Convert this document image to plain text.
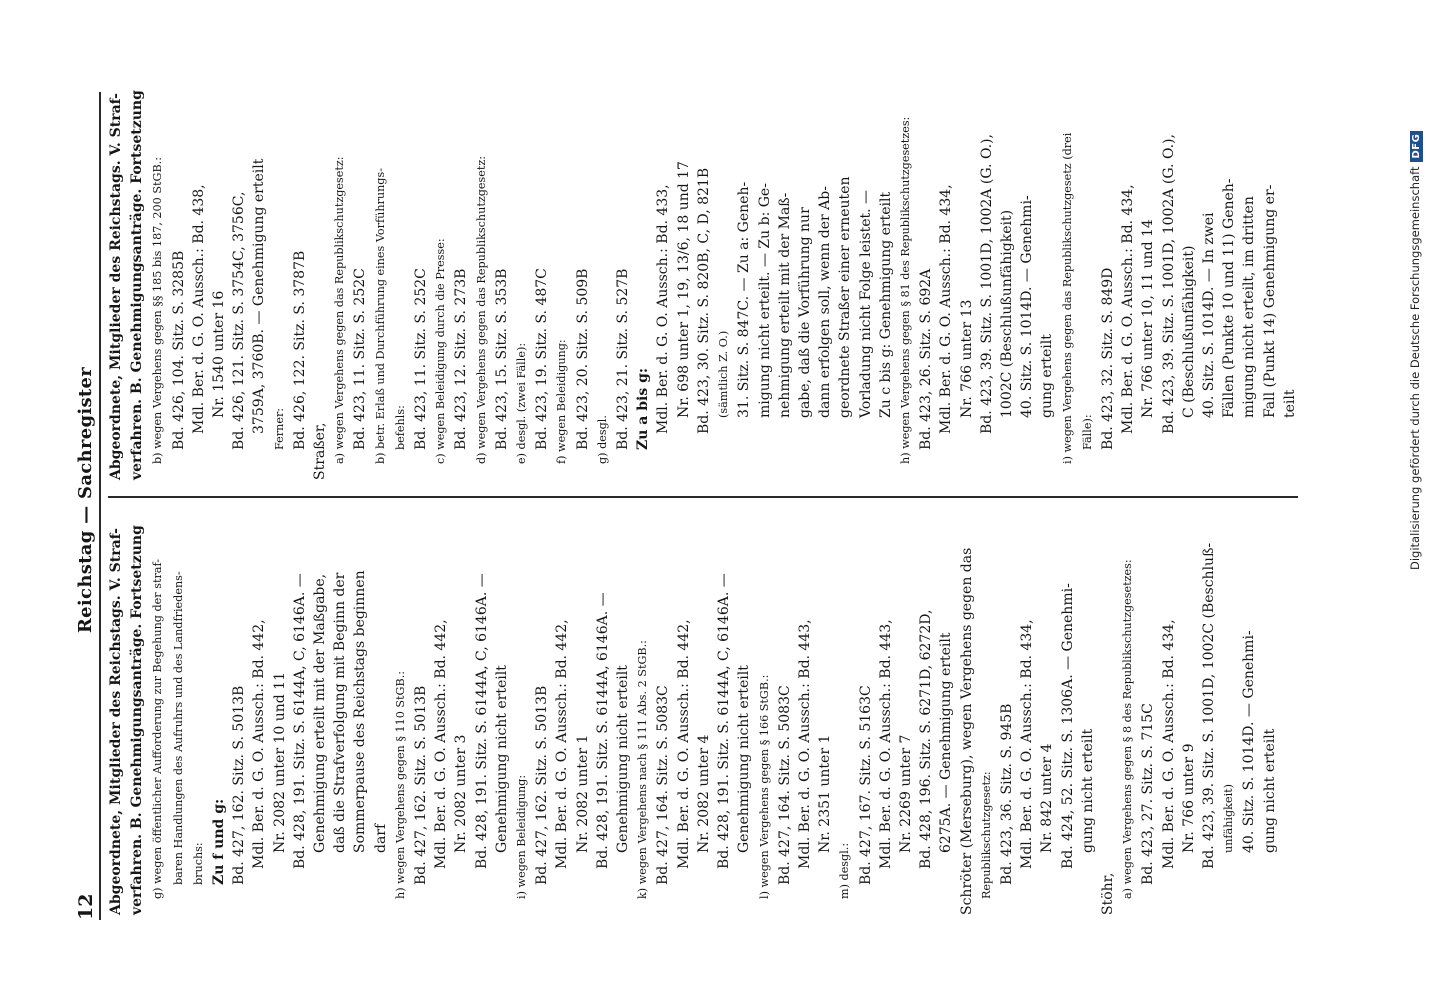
12
Reichstag — Sachregister
Abgeordnete, Mitglieder des Reichstags. V. Straf- verfahren. B. Genehmigungsanträge. Fortsetzung g) wegen öffentlicher Aufforderung zur Begehung der straf- baren Handlungen des Aufruhrs und des Landfriedens- bruchs: Zu f und g: Bd. 427, 162. Sitz. S. 5013B Mdl. Ber. d. G. O. Aussch.: Bd. 442, Nr. 2082 unter 10 und 11 Bd. 428, 191. Sitz. S. 6144A, C, 6146A. — Genehmigung erteilt mit der Maßgabe, daß die Strafverfolgung mit Beginn der Sommerpause des Reichstags beginnen darf h) wegen Vergehens gegen § 110 StGB.: Bd. 427, 162. Sitz. S. 5013B Mdl. Ber. d. G. O. Aussch.: Bd. 442, Nr. 2082 unter 3 Bd. 428, 191. Sitz. S. 6144A, C, 6146A. — Genehmigung nicht erteilt i) wegen Beleidigung: Bd. 427, 162. Sitz. S. 5013B Mdl. Ber. d. G. O. Aussch.: Bd. 442, Nr. 2082 unter 1 Bd. 428, 191. Sitz. S. 6144A, 6146A. — Genehmigung nicht erteilt k) wegen Vergehens nach § 111 Abs. 2 StGB.: Bd. 427, 164. Sitz. S. 5083C Mdl. Ber. d. G. O. Aussch.: Bd. 442, Nr. 2082 unter 4 Bd. 428, 191. Sitz. S. 6144A, C, 6146A. — Genehmigung nicht erteilt l) wegen Vergehens gegen § 166 StGB.: Bd. 427, 164. Sitz. S. 5083C Mdl. Ber. d. G. O. Aussch.: Bd. 443, Nr. 2351 unter 1
m) desgl.: Bd. 427, 167. Sitz. S. 5163C Mdl. Ber. d. G. O. Aussch.: Bd. 443, Nr. 2269 unter 7 Bd. 428, 196. Sitz. S. 6271D, 6272D, 6275A. — Genehmigung erteilt Schröter (Merseburg), wegen Vergehens gegen das Republikschutzgesetz: Bd. 423, 36. Sitz. S. 945B Mdl. Ber. d. G. O. Aussch.: Bd. 434, Nr. 842 unter 4 Bd. 424, 52. Sitz. S. 1306A. — Genehmi- gung nicht erteilt
Stöhr, a) wegen Vergehens gegen § 8 des Republikschutzgesetzes: Bd. 423, 27. Sitz. S. 715C Mdl. Ber. d. G. O. Aussch.: Bd. 434, Nr. 766 unter 9 Bd. 423, 39. Sitz. S. 1001D, 1002C (Beschluß- unfähigkeit) 40. Sitz. S. 1014D. — Genehmi- gung nicht erteilt
Abgeordnete, Mitglieder des Reichstags. V. Straf- verfahren. B. Genehmigungsanträge. Fortsetzung b) wegen Vergehens gegen §§ 185 bis 187, 200 StGB.: Bd. 426, 104. Sitz. S. 3285B Mdl. Ber. d. G. O. Aussch.: Bd. 438, Nr. 1540 unter 16 Bd. 426, 121. Sitz. S. 3754C, 3756C, 3759A, 3760B. — Genehmigung erteilt Ferner: Bd. 426, 122. Sitz. S. 3787B
Straßer, a) wegen Vergehens gegen das Republikschutzgesetz: Bd. 423, 11. Sitz. S. 252C b) betr. Erlaß und Durchführung eines Vorführungs- befehls: Bd. 423, 11. Sitz. S. 252C c) wegen Beleidigung durch die Presse: Bd. 423, 12. Sitz. S. 273B d) wegen Vergehens gegen das Republikschutzgesetz: Bd. 423, 15. Sitz. S. 353B e) desgl. (zwei Fälle): Bd. 423, 19. Sitz. S. 487C f) wegen Beleidigung: Bd. 423, 20. Sitz. S. 509B g) desgl. Bd. 423, 21. Sitz. S. 527B Zu a bis g: Mdl. Ber. d. G. O. Aussch.: Bd. 433, Nr. 698 unter 1, 19, 13/6, 18 und 17 Bd. 423, 30. Sitz. S. 820B, C, D, 821B (sämtlich Z. O.) 31. Sitz. S. 847C. — Zu a: Geneh- migung nicht erteilt. — Zu b: Ge- nehmigung erteilt mit der Maß- gabe, daß die Vorführung nur dann erfolgen soll, wenn der Ab- geordnete Straßer einer erneuten Vorladung nicht Folge leistet. — Zu c bis g: Genehmigung erteilt h) wegen Vergehens gegen § 81 des Republikschutzgesetzes: Bd. 423, 26. Sitz. S. 692A Mdl. Ber. d. G. O. Aussch.: Bd. 434, Nr. 766 unter 13 Bd. 423, 39. Sitz. S. 1001D, 1002A (G. O.), 1002C (Beschlußunfähigkeit) 40. Sitz. S. 1014D. — Genehmi- gung erteilt i) wegen Vergehens gegen das Republikschutzgesetz (drei Fälle): Bd. 423, 32. Sitz. S. 849D Mdl. Ber. d. G. O. Aussch.: Bd. 434, Nr. 766 unter 10, 11 und 14 Bd. 423, 39. Sitz. S. 1001D, 1002A (G. O.), C (Beschlußunfähigkeit) 40. Sitz. S. 1014D. — In zwei Fällen (Punkte 10 und 11) Geneh- migung nicht erteilt, im dritten Fall (Punkt 14) Genehmigung er- teilt	Digitalisierung gefördert durch die Deutsche ForschungsgemeinschaftDFG
